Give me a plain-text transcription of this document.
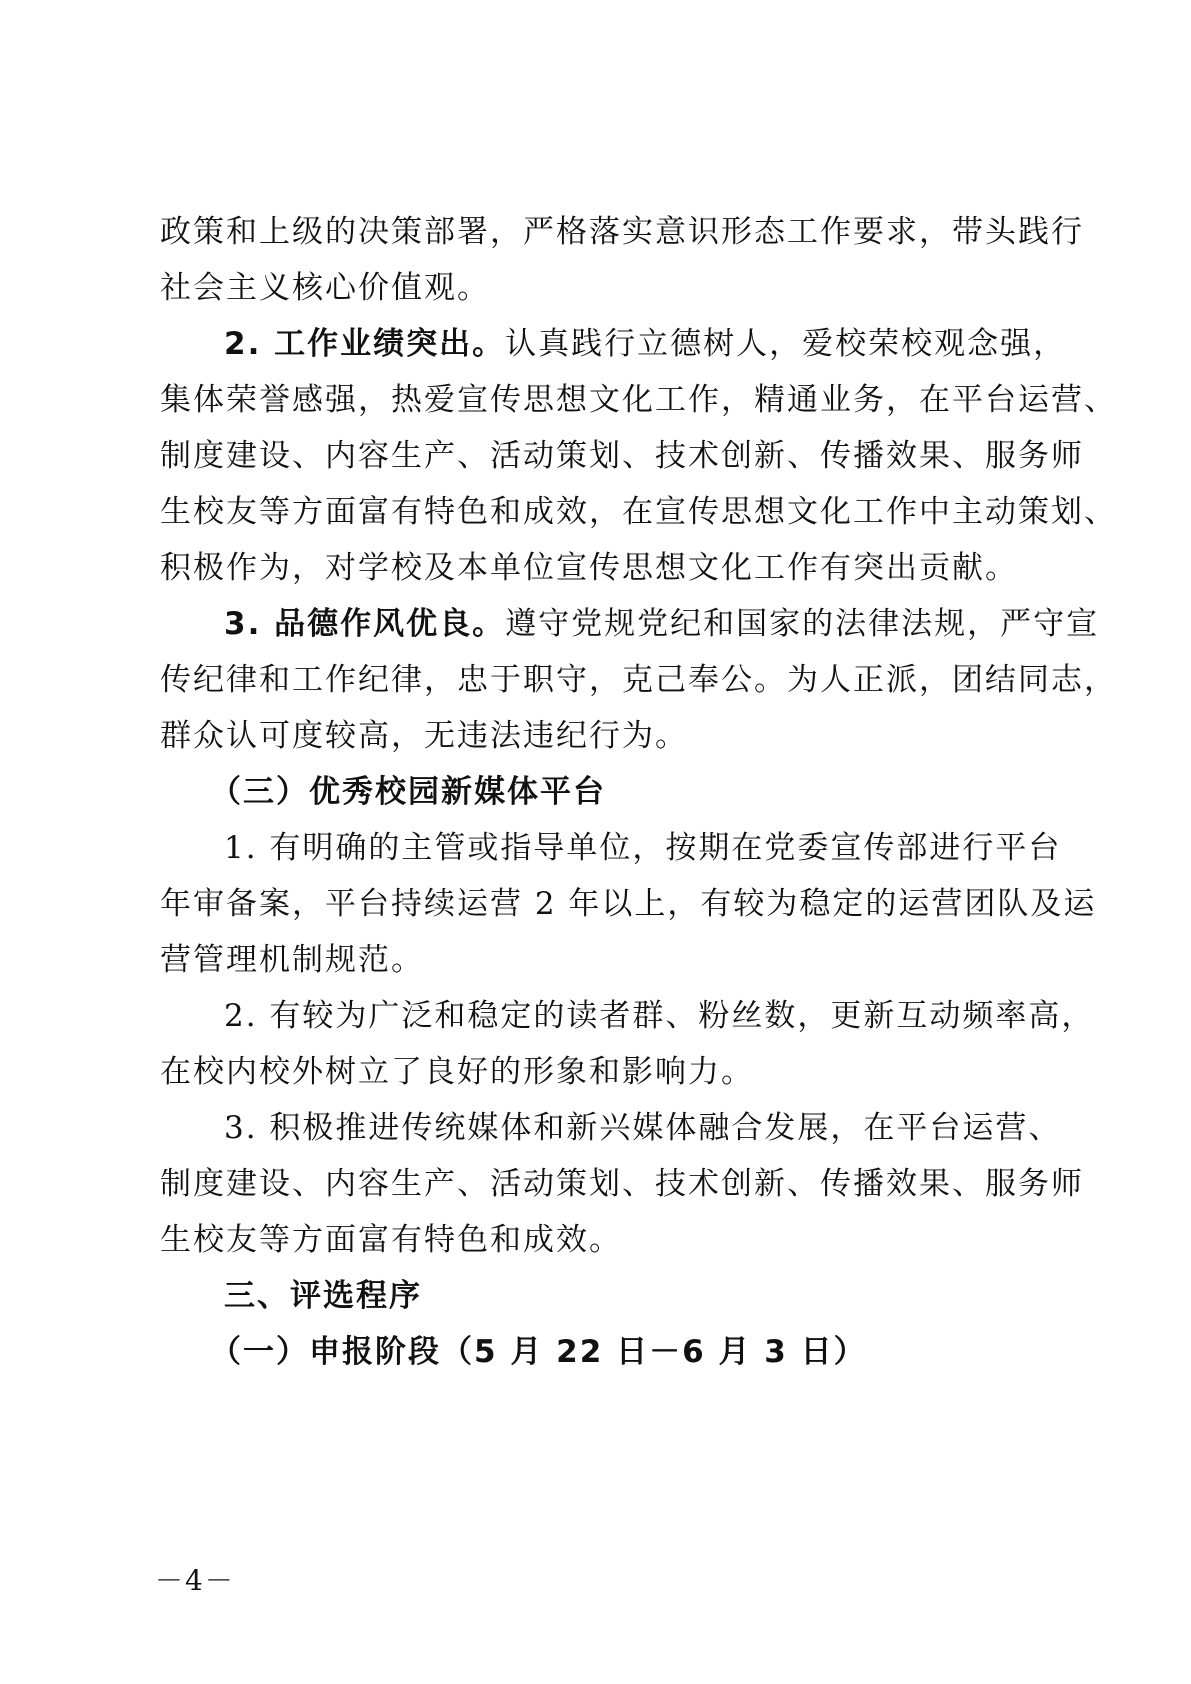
政策和上级的决策部署，严格落实意识形态工作要求，带头践行
社会主义核心价值观。
2. 工作业绩突出。认真践行立德树人，爱校荣校观念强，
集体荣誉感强，热爱宣传思想文化工作，精通业务，在平台运营、
制度建设、内容生产、活动策划、技术创新、传播效果、服务师
生校友等方面富有特色和成效，在宣传思想文化工作中主动策划、
积极作为，对学校及本单位宣传思想文化工作有突出贡献。
3. 品德作风优良。遵守党规党纪和国家的法律法规，严守宣
传纪律和工作纪律，忠于职守，克己奉公。为人正派，团结同志，
群众认可度较高，无违法违纪行为。
（三）优秀校园新媒体平台
1. 有明确的主管或指导单位，按期在党委宣传部进行平台
年审备案，平台持续运营 2 年以上，有较为稳定的运营团队及运
营管理机制规范。
2. 有较为广泛和稳定的读者群、粉丝数，更新互动频率高，
在校内校外树立了良好的形象和影响力。
3. 积极推进传统媒体和新兴媒体融合发展，在平台运营、
制度建设、内容生产、活动策划、技术创新、传播效果、服务师
生校友等方面富有特色和成效。
三、评选程序
（一）申报阶段（5 月 22 日－6 月 3 日）
－4－
